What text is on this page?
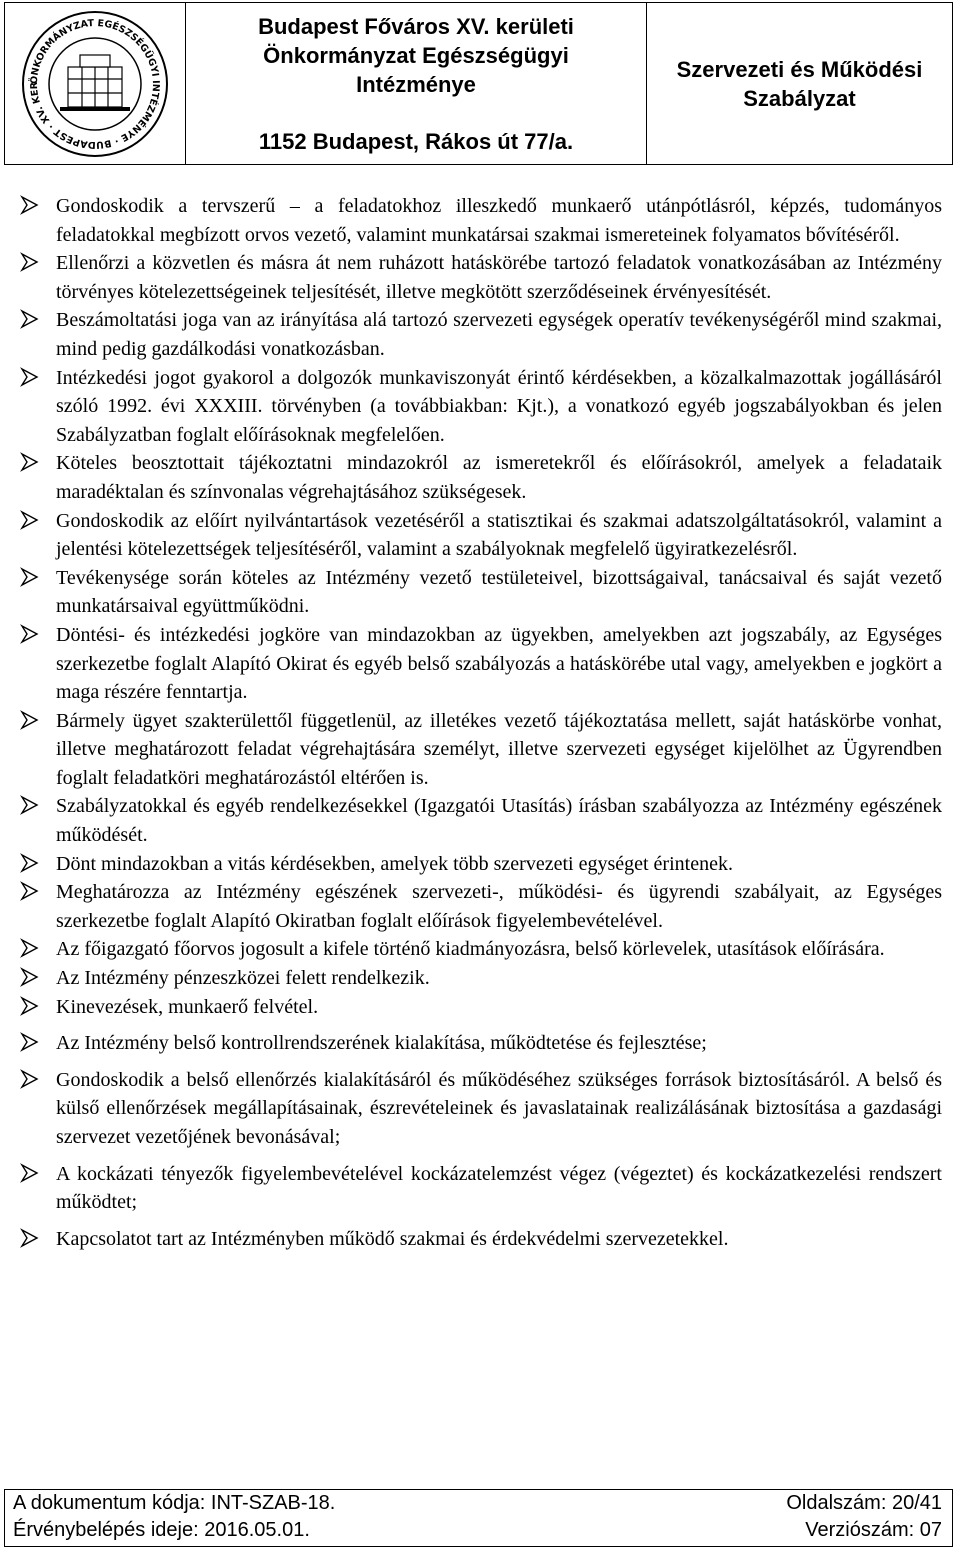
ÖNKORMÁNYZAT EGÉSZSÉGÜGYI INTÉZMÉNYE · BUDAPEST · XV. KER
Budapest Főváros XV. kerületi
Önkormányzat Egészségügyi
Intézménye
1152 Budapest, Rákos út 77/a.
Szervezeti és Működési
Szabályzat
Gondoskodik a tervszerű – a feladatokhoz illeszkedő munkaerő utánpótlásról, képzés, tudományos feladatokkal megbízott orvos vezető, valamint munkatársai szakmai ismereteinek folyamatos bővítéséről.
Ellenőrzi a közvetlen és másra át nem ruházott hatáskörébe tartozó feladatok vonatkozásában az Intézmény törvényes kötelezettségeinek teljesítését, illetve megkötött szerződéseinek érvényesítését.
Beszámoltatási joga van az irányítása alá tartozó szervezeti egységek operatív tevékenységéről mind szakmai, mind pedig gazdálkodási vonatkozásban.
Intézkedési jogot gyakorol a dolgozók munkaviszonyát érintő kérdésekben, a közalkalmazottak jogállásáról szóló 1992. évi XXXIII. törvényben (a továbbiakban: Kjt.), a vonatkozó egyéb jogszabályokban és jelen Szabályzatban foglalt előírásoknak megfelelően.
Köteles beosztottait tájékoztatni mindazokról az ismeretekről és előírásokról, amelyek a feladataik maradéktalan és színvonalas végrehajtásához szükségesek.
Gondoskodik az előírt nyilvántartások vezetéséről a statisztikai és szakmai adatszolgáltatásokról, valamint a jelentési kötelezettségek teljesítéséről, valamint a szabályoknak megfelelő ügyiratkezelésről.
Tevékenysége során köteles az Intézmény vezető testületeivel, bizottságaival, tanácsaival és saját vezető munkatársaival együttműködni.
Döntési- és intézkedési jogköre van mindazokban az ügyekben, amelyekben azt jogszabály, az Egységes szerkezetbe foglalt Alapító Okirat és egyéb belső szabályozás a hatáskörébe utal vagy, amelyekben e jogkört a maga részére fenntartja.
Bármely ügyet szakterülettől függetlenül, az illetékes vezető tájékoztatása mellett, saját hatáskörbe vonhat, illetve meghatározott feladat végrehajtására személyt, illetve szervezeti egységet kijelölhet az Ügyrendben foglalt feladatköri meghatározástól eltérően is.
Szabályzatokkal és egyéb rendelkezésekkel (Igazgatói Utasítás) írásban szabályozza az Intézmény egészének működését.
Dönt mindazokban a vitás kérdésekben, amelyek több szervezeti egységet érintenek.
Meghatározza az Intézmény egészének szervezeti-, működési- és ügyrendi szabályait, az Egységes szerkezetbe foglalt Alapító Okiratban foglalt előírások figyelembevételével.
Az főigazgató főorvos jogosult a kifele történő kiadmányozásra, belső körlevelek, utasítások előírására.
Az Intézmény pénzeszközei felett rendelkezik.
Kinevezések, munkaerő felvétel.
Az Intézmény belső kontrollrendszerének kialakítása, működtetése és fejlesztése;
Gondoskodik a belső ellenőrzés kialakításáról és működéséhez szükséges források biztosításáról. A belső és külső ellenőrzések megállapításainak, észrevételeinek és javaslatainak realizálásának biztosítása a gazdasági szervezet vezetőjének bevonásával;
A kockázati tényezők figyelembevételével kockázatelemzést végez (végeztet) és kockázatkezelési rendszert működtet;
Kapcsolatot tart az Intézményben működő szakmai és érdekvédelmi szervezetekkel.
A dokumentum kódja: INT-SZAB-18.	Oldalszám: 20/41
Érvénybelépés ideje: 2016.05.01.	Verziószám: 07
